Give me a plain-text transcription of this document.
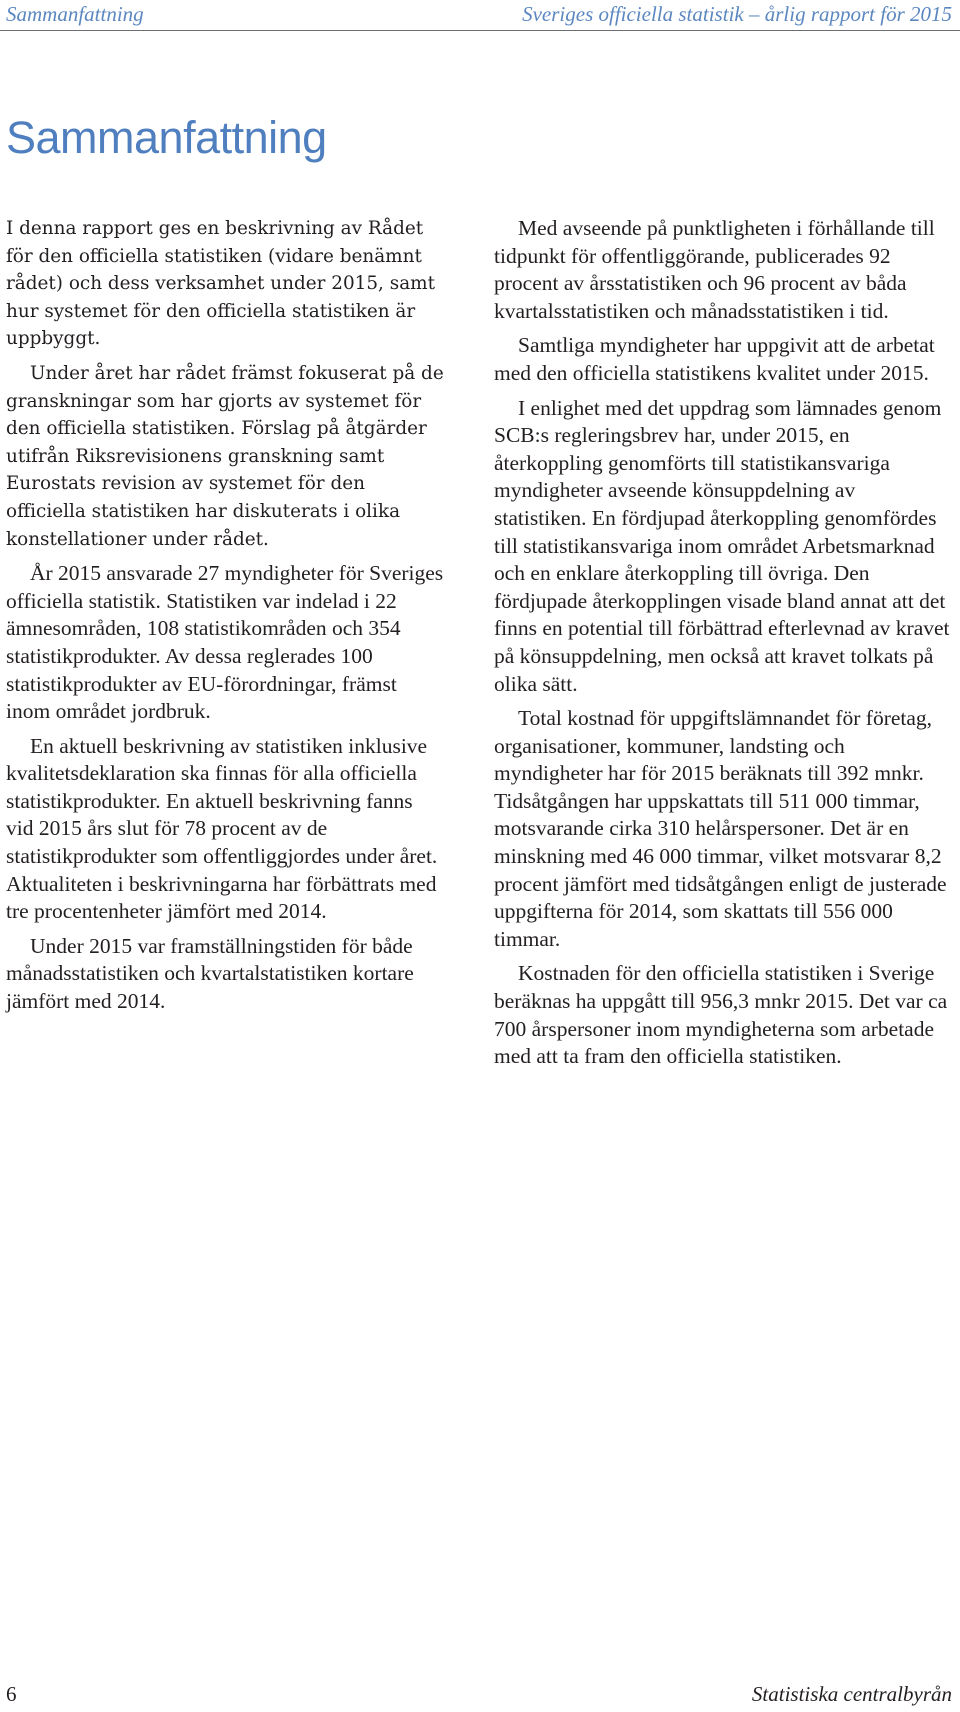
Sammanfattning	Sveriges officiella statistik – årlig rapport för 2015
Sammanfattning

I denna rapport ges en beskrivning av Rådet för den officiella statistiken (vidare benämnt rådet) och dess verksamhet under 2015, samt hur systemet för den officiella statistiken är uppbyggt.

Under året har rådet främst fokuserat på de granskningar som har gjorts av systemet för den officiella statistiken. Förslag på åtgärder utifrån Riksrevisionens granskning samt Eurostats revision av systemet för den officiella statistiken har diskuterats i olika konstellationer under rådet.

År 2015 ansvarade 27 myndigheter för Sveriges officiella statistik. Statistiken var indelad i 22 ämnesområden, 108 statistikområden och 354 statistikprodukter. Av dessa reglerades 100 statistikprodukter av EU-förordningar, främst inom området jordbruk.

En aktuell beskrivning av statistiken inklusive kvalitetsdeklaration ska finnas för alla officiella statistikprodukter. En aktuell beskrivning fanns vid 2015 års slut för 78 procent av de statistikprodukter som offentliggjordes under året. Aktualiteten i beskrivningarna har förbättrats med tre procentenheter jämfört med 2014.

Under 2015 var framställningstiden för både månadsstatistiken och kvartalstatistiken kortare jämfört med 2014.

Med avseende på punktligheten i förhållande till tidpunkt för offentliggörande, publicerades 92 procent av årsstatistiken och 96 procent av båda kvartalsstatistiken och månadsstatistiken i tid.

Samtliga myndigheter har uppgivit att de arbetat med den officiella statistikens kvalitet under 2015.

I enlighet med det uppdrag som lämnades genom SCB:s regleringsbrev har, under 2015, en återkoppling genomförts till statistikansvariga myndigheter avseende könsuppdelning av statistiken. En fördjupad återkoppling genomfördes till statistikansvariga inom området Arbetsmarknad och en enklare återkoppling till övriga. Den fördjupade återkopplingen visade bland annat att det finns en potential till förbättrad efterlevnad av kravet på könsuppdelning, men också att kravet tolkats på olika sätt.

Total kostnad för uppgiftslämnandet för företag, organisationer, kommuner, landsting och myndigheter har för 2015 beräknats till 392 mnkr. Tidsåtgången har uppskattats till 511 000 timmar, motsvarande cirka 310 helårspersoner. Det är en minskning med 46 000 timmar, vilket motsvarar 8,2 procent jämfört med tidsåtgången enligt de justerade uppgifterna för 2014, som skattats till 556 000 timmar.

Kostnaden för den officiella statistiken i Sverige beräknas ha uppgått till 956,3 mnkr 2015. Det var ca 700 årspersoner inom myndigheterna som arbetade med att ta fram den officiella statistiken.

6	Statistiska centralbyrån
